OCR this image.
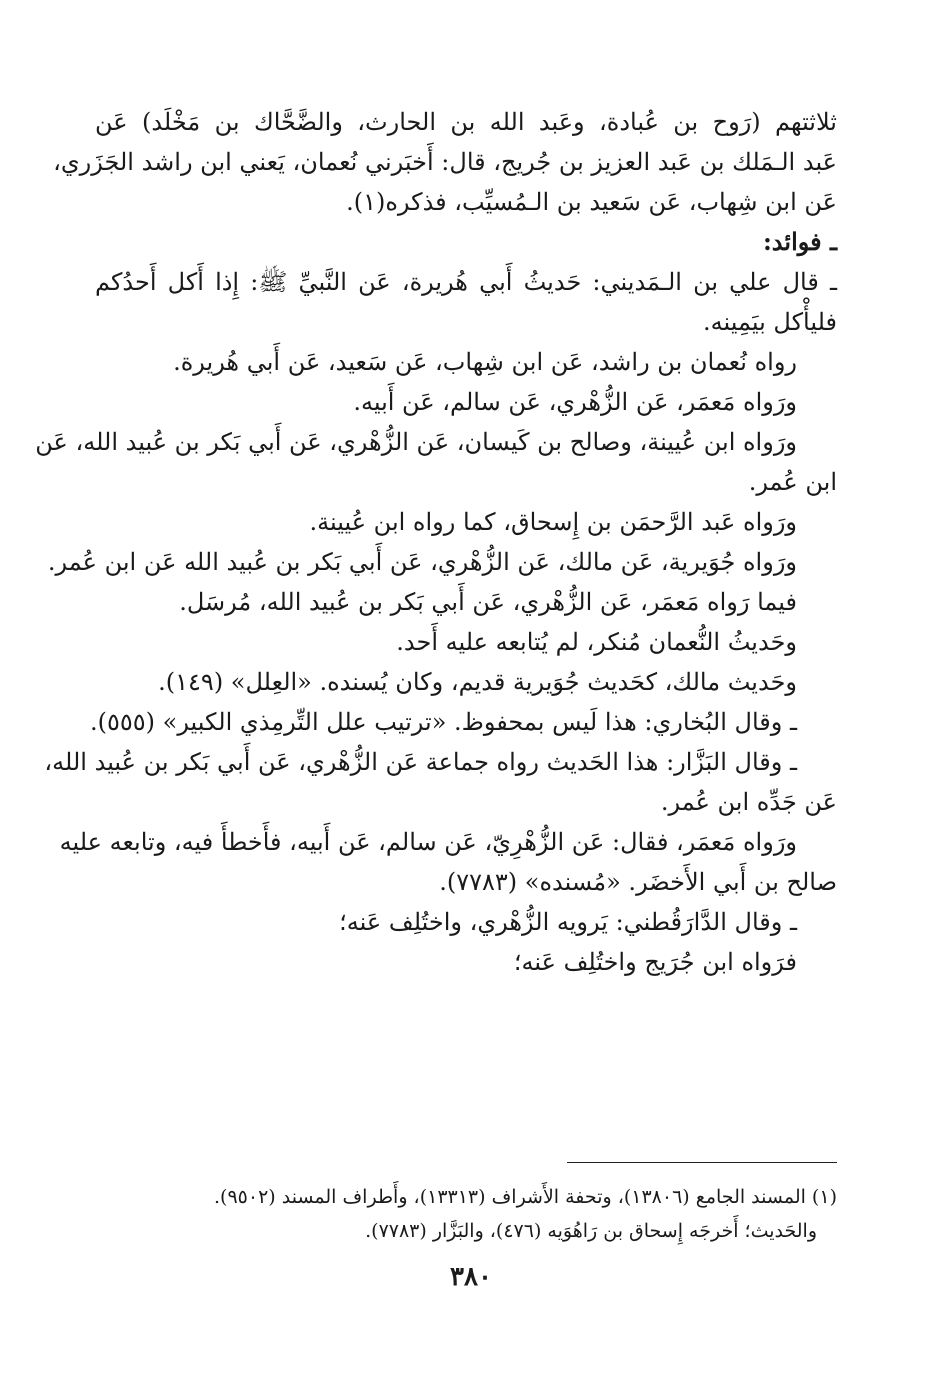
ثلاثتهم (رَوح بن عُبادة، وعَبد الله بن الحارث، والضَّحَّاك بن مَخْلَد) عَن
عَبد الـمَلك بن عَبد العزيز بن جُريج، قال: أَخبَرني نُعمان، يَعني ابن راشد الجَزَري،
عَن ابن شِهاب، عَن سَعيد بن الـمُسيِّب، فذكره(١).
ـ فوائد:
ـ قال علي بن الـمَديني: حَديثُ أَبي هُريرة، عَن النَّبيِّ ﷺ: إِذا أَكل أَحدُكم
فليأْكل بيَمِينه.
رواه نُعمان بن راشد، عَن ابن شِهاب، عَن سَعيد، عَن أَبي هُريرة.
ورَواه مَعمَر، عَن الزُّهْري، عَن سالم، عَن أَبيه.
ورَواه ابن عُيينة، وصالح بن كَيسان، عَن الزُّهْري، عَن أَبي بَكر بن عُبيد الله، عَن
ابن عُمر.
ورَواه عَبد الرَّحمَن بن إِسحاق، كما رواه ابن عُيينة.
ورَواه جُوَيرية، عَن مالك، عَن الزُّهْري، عَن أَبي بَكر بن عُبيد الله عَن ابن عُمر.
فيما رَواه مَعمَر، عَن الزُّهْري، عَن أَبي بَكر بن عُبيد الله، مُرسَل.
وحَديثُ النُّعمان مُنكر، لم يُتابعه عليه أَحد.
وحَديث مالك، كحَديث جُوَيرية قديم، وكان يُسنده. «العِلل» (١٤٩).
ـ وقال البُخاري: هذا لَيس بمحفوظ. «ترتيب علل التِّرمِذي الكبير» (٥٥٥).
ـ وقال البَزَّار: هذا الحَديث رواه جماعة عَن الزُّهْري، عَن أَبي بَكر بن عُبيد الله،
عَن جَدِّه ابن عُمر.
ورَواه مَعمَر، فقال: عَن الزُّهْرِيّ، عَن سالم، عَن أَبيه، فأَخطأَ فيه، وتابعه عليه
صالح بن أَبي الأَخضَر. «مُسنده» (٧٧٨٣).
ـ وقال الدَّارَقُطني: يَرويه الزُّهْري، واختُلِف عَنه؛
فرَواه ابن جُرَيج واختُلِف عَنه؛
(١) المسند الجامع (١٣٨٠٦)، وتحفة الأَشراف (١٣٣١٣)، وأَطراف المسند (٩٥٠٢).
والحَديث؛ أَخرجَه إِسحاق بن رَاهُوَيه (٤٧٦)، والبَزَّار (٧٧٨٣).
٣٨٠
